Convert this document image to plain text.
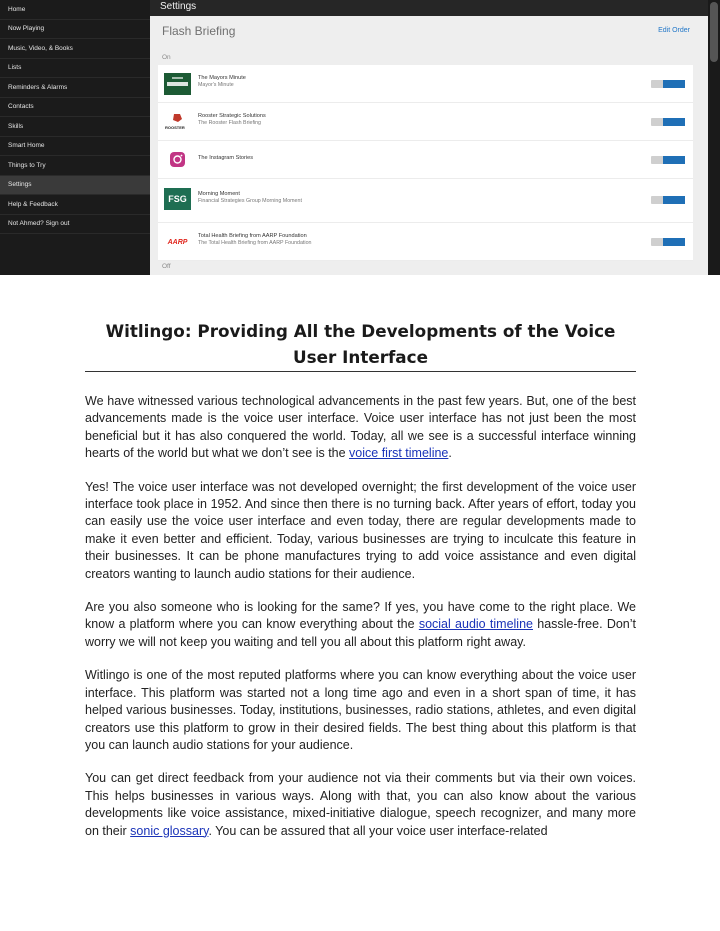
Home
Now Playing
Music, Video, & Books
Lists
Reminders & Alarms
Contacts
Skills
Smart Home
Things to Try
Settings
Help & Feedback
Not Ahmed? Sign out
Settings
Flash Briefing	Edit Order
On
The Mayors Minute
Mayor's Minute
ROOSTER
Rooster Strategic Solutions
The Rooster Flash Briefing
The Instagram Stories
FSG Morning Moment
Financial Strategies Group Morning Moment
AARP
Total Health Briefing from AARP Foundation
The Total Health Briefing from AARP Foundation
Off
Witlingo: Providing All the Developments of the Voice User Interface

We have witnessed various technological advancements in the past few years. But, one of the best advancements made is the voice user interface. Voice user interface has not just been the most beneficial but it has also conquered the world. Today, all we see is a successful interface winning hearts of the world but what we don’t see is the voice first timeline.

Yes! The voice user interface was not developed overnight; the first development of the voice user interface took place in 1952. And since then there is no turning back. After years of effort, today you can easily use the voice user interface and even today, there are regular developments made to make it even better and efficient. Today, various businesses are trying to inculcate this feature in their businesses. It can be phone manufactures trying to add voice assistance and even digital creators wanting to launch audio stations for their audience.

Are you also someone who is looking for the same? If yes, you have come to the right place. We know a platform where you can know everything about the social audio timeline hassle-free. Don’t worry we will not keep you waiting and tell you all about this platform right away.

Witlingo is one of the most reputed platforms where you can know everything about the voice user interface. This platform was started not a long time ago and even in a short span of time, it has helped various businesses. Today, institutions, businesses, radio stations, athletes, and even digital creators use this platform to grow in their desired fields. The best thing about this platform is that you can launch audio stations for your audience.

You can get direct feedback from your audience not via their comments but via their own voices. This helps businesses in various ways. Along with that, you can also know about the various developments like voice assistance, mixed-initiative dialogue, speech recognizer, and many more on their sonic glossary. You can be assured that all your voice user interface-related
